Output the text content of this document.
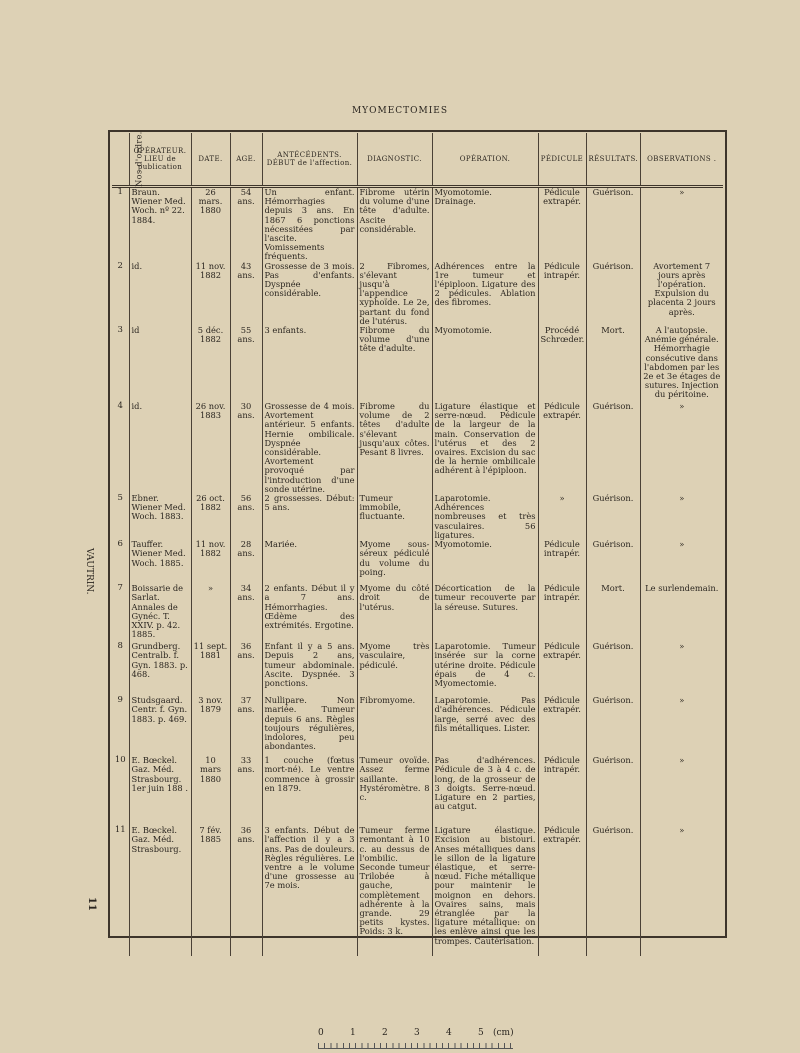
MYOMECTOMIES
Nos d'ordre.	OPÉRATEUR. LIEU de publication	DATE.	AGE.	ANTÉCÉDENTS. DÉBUT de l'affection.	DIAGNOSTIC.	OPÉRATION.	PÉDICULE	RÉSULTATS.	OBSERVATIONS .
1	Braun. Wiener Med. Woch. nº 22. 1884.	26 mars. 1880	54 ans.	Un enfant. Hémorrhagies depuis 3 ans. En 1867 6 ponctions nécessitées par l'ascite. Vomissements fréquents.	Fibrome utérin du volume d'une tête d'adulte. Ascite considérable.	Myomotomie. Drainage.	Pédicule extrapér.	Guérison.	»
2	id.	11 nov. 1882	43 ans.	Grossesse de 3 mois. Pas d'enfants. Dyspnée considérable.	2 Fibromes, s'élevant jusqu'à l'appendice xyphoïde. Le 2e, partant du fond de l'utérus.	Adhérences entre la 1re tumeur et l'épiploon. Ligature des 2 pédicules. Ablation des fibromes.	Pédicule intrapér.	Guérison.	Avortement 7 jours après l'opération. Expulsion du placenta 2 jours après.
3	id	5 déc. 1882	55 ans.	3 enfants.	Fibrome du volume d'une tête d'adulte.	Myomotomie.	Procédé Schrœder.	Mort.	A l'autopsie. Anémie générale. Hémorrhagie consécutive dans l'abdomen par les 2e et 3e étages de sutures. Injection du péritoine.
4	id.	26 nov. 1883	30 ans.	Grossesse de 4 mois. Avortement antérieur. 5 enfants. Hernie ombilicale. Dyspnée considérable. Avortement provoqué par l'introduction d'une sonde utérine.	Fibrome du volume de 2 têtes d'adulte s'élevant jusqu'aux côtes. Pesant 8 livres.	Ligature élastique et serre-nœud. Pédicule de la largeur de la main. Conservation de l'utérus et des 2 ovaires. Excision du sac de la hernie ombilicale adhérent à l'épiploon.	Pédicule extrapér.	Guérison.	»
5	Ebner. Wiener Med. Woch. 1883.	26 oct. 1882	56 ans.	2 grossesses. Début: 5 ans.	Tumeur immobile, fluctuante.	Laparotomie. Adhérences nombreuses et très vasculaires. 56 ligatures.	»	Guérison.	»
6	Tauffer. Wiener Med. Woch. 1885.	11 nov. 1882	28 ans.	Mariée.	Myome sous-séreux pédiculé du volume du poing.	Myomotomie.	Pédicule intrapér.	Guérison.	»
7	Boissarie de Sarlat. Annales de Gynéc. T. XXIV. p. 42. 1885.	»	34 ans.	2 enfants. Début il y a 7 ans. Hémorrhagies. Œdème des extrémités. Ergotine.	Myome du côté droit de l'utérus.	Décortication de la tumeur recouverte par la séreuse. Sutures.	Pédicule intrapér.	Mort.	Le surlendemain.
8	Grundberg. Centralb. f. Gyn. 1883. p. 468.	11 sept. 1881	36 ans.	Enfant il y a 5 ans. Depuis 2 ans, tumeur abdominale. Ascite. Dyspnée. 3 ponctions.	Myome très vasculaire, pédiculé.	Laparotomie. Tumeur insérée sur la corne utérine droite. Pédicule épais de 4 c. Myomectomie.	Pédicule extrapér.	Guérison.	»
9	Studsgaard. Centr. f. Gyn. 1883. p. 469.	3 nov. 1879	37 ans.	Nullipare. Non mariée. Tumeur depuis 6 ans. Règles toujours régulières, indolores, peu abondantes.	Fibromyome.	Laparotomie. Pas d'adhérences. Pédicule large, serré avec des fils métalliques. Lister.	Pédicule extrapér.	Guérison.	»
10	E. Bœckel. Gaz. Méd. Strasbourg. 1er juin 188 .	10 mars 1880	33 ans.	1 couche (fœtus mort-né). Le ventre commence à grossir en 1879.	Tumeur ovoïde. Assez ferme saillante. Hystéromètre. 8 c.	Pas d'adhérences. Pédicule de 3 à 4 c. de long, de la grosseur de 3 doigts. Serre-nœud. Ligature en 2 parties, au catgut.	Pédicule intrapér.	Guérison.	»
11	E. Bœckel. Gaz. Méd. Strasbourg.	7 fév. 1885	36 ans.	3 enfants. Début de l'affection il y a 3 ans. Pas de douleurs. Règles régulières. Le ventre a le volume d'une grossesse au 7e mois.	Tumeur ferme remontant à 10 c. au dessus de l'ombilic. Seconde tumeur Trilobée à gauche, complètement adhérente à la grande. 29 petits kystes. Poids: 3 k.	Ligature élastique. Excision au bistouri. Anses métalliques dans le sillon de la ligature élastique, et serre-nœud. Fiche métallique pour maintenir le moignon en dehors. Ovaires sains, mais étranglée par la ligature métallique: on les enlève ainsi que les trompes. Cautérisation.	Pédicule extrapér.	Guérison.	»
VAUTRIN.
11
0	1	2	3	4	5 (cm)
